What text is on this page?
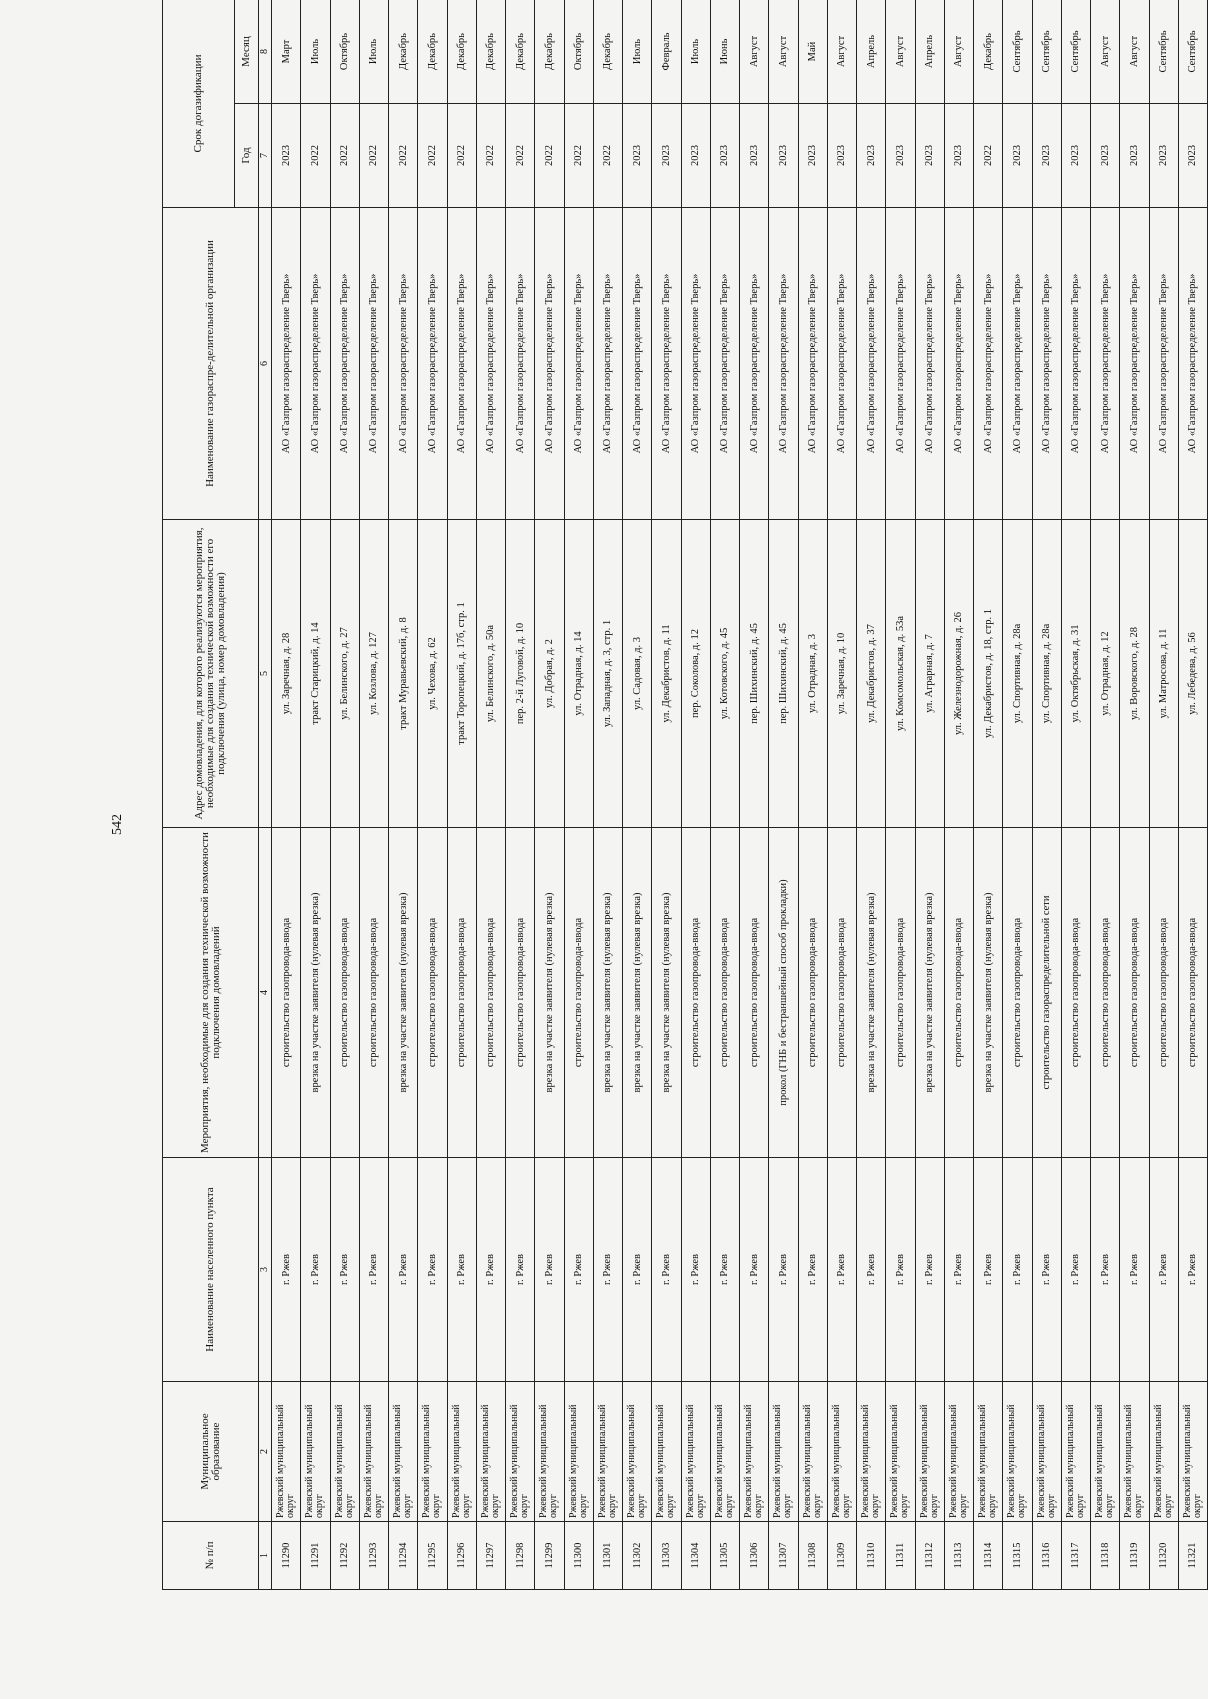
542
№ п/п	Муниципальное образование	Наименование населенного пункта	Мероприятия, необходимые для создания технической возможности подключения домовладений	Адрес домовладения, для которого реализуются мероприятия, необходимые для создания технической возможности его подключения (улица, номер домовладения)	Наименование газораспре-делительной организации	Срок догазификации	
						Год	Месяц
1	2	3	4	5	6	7	8
11290	Ржевский муниципальный округ	г. Ржев	строительство газопровода-ввода	ул. Заречная, д. 28	АО «Газпром газораспределение Тверь»	2023	Март
11291	Ржевский муниципальный округ	г. Ржев	врезка на участке заявителя (нулевая врезка)	тракт Старицкий, д. 14	АО «Газпром газораспределение Тверь»	2022	Июль
11292	Ржевский муниципальный округ	г. Ржев	строительство газопровода-ввода	ул. Белинского, д. 27	АО «Газпром газораспределение Тверь»	2022	Октябрь
11293	Ржевский муниципальный округ	г. Ржев	строительство газопровода-ввода	ул. Козлова, д. 127	АО «Газпром газораспределение Тверь»	2022	Июль
11294	Ржевский муниципальный округ	г. Ржев	врезка на участке заявителя (нулевая врезка)	тракт Муравьевский, д. 8	АО «Газпром газораспределение Тверь»	2022	Декабрь
11295	Ржевский муниципальный округ	г. Ржев	строительство газопровода-ввода	ул. Чехова, д. 62	АО «Газпром газораспределение Тверь»	2022	Декабрь
11296	Ржевский муниципальный округ	г. Ржев	строительство газопровода-ввода	тракт Торопецкий, д. 17б, стр. 1	АО «Газпром газораспределение Тверь»	2022	Декабрь
11297	Ржевский муниципальный округ	г. Ржев	строительство газопровода-ввода	ул. Белинского, д. 50а	АО «Газпром газораспределение Тверь»	2022	Декабрь
11298	Ржевский муниципальный округ	г. Ржев	строительство газопровода-ввода	пер. 2-й Луговой, д. 10	АО «Газпром газораспределение Тверь»	2022	Декабрь
11299	Ржевский муниципальный округ	г. Ржев	врезка на участке заявителя (нулевая врезка)	ул. Добрая, д. 2	АО «Газпром газораспределение Тверь»	2022	Декабрь
11300	Ржевский муниципальный округ	г. Ржев	строительство газопровода-ввода	ул. Отрадная, д. 14	АО «Газпром газораспределение Тверь»	2022	Октябрь
11301	Ржевский муниципальный округ	г. Ржев	врезка на участке заявителя (нулевая врезка)	ул. Западная, д. 3, стр. 1	АО «Газпром газораспределение Тверь»	2022	Декабрь
11302	Ржевский муниципальный округ	г. Ржев	врезка на участке заявителя (нулевая врезка)	ул. Садовая, д. 3	АО «Газпром газораспределение Тверь»	2023	Июль
11303	Ржевский муниципальный округ	г. Ржев	врезка на участке заявителя (нулевая врезка)	ул. Декабристов, д. 11	АО «Газпром газораспределение Тверь»	2023	Февраль
11304	Ржевский муниципальный округ	г. Ржев	строительство газопровода-ввода	пер. Соколова, д. 12	АО «Газпром газораспределение Тверь»	2023	Июль
11305	Ржевский муниципальный округ	г. Ржев	строительство газопровода-ввода	ул. Котовского, д. 45	АО «Газпром газораспределение Тверь»	2023	Июнь
11306	Ржевский муниципальный округ	г. Ржев	строительство газопровода-ввода	пер. Шихинский, д. 45	АО «Газпром газораспределение Тверь»	2023	Август
11307	Ржевский муниципальный округ	г. Ржев	прокол (ГНБ и бестраншейный способ прокладки)	пер. Шихинский, д. 45	АО «Газпром газораспределение Тверь»	2023	Август
11308	Ржевский муниципальный округ	г. Ржев	строительство газопровода-ввода	ул. Отрадная, д. 3	АО «Газпром газораспределение Тверь»	2023	Май
11309	Ржевский муниципальный округ	г. Ржев	строительство газопровода-ввода	ул. Заречная, д. 10	АО «Газпром газораспределение Тверь»	2023	Август
11310	Ржевский муниципальный округ	г. Ржев	врезка на участке заявителя (нулевая врезка)	ул. Декабристов, д. 37	АО «Газпром газораспределение Тверь»	2023	Апрель
11311	Ржевский муниципальный округ	г. Ржев	строительство газопровода-ввода	ул. Комсомольская, д. 53а	АО «Газпром газораспределение Тверь»	2023	Август
11312	Ржевский муниципальный округ	г. Ржев	врезка на участке заявителя (нулевая врезка)	ул. Аграрная, д. 7	АО «Газпром газораспределение Тверь»	2023	Апрель
11313	Ржевский муниципальный округ	г. Ржев	строительство газопровода-ввода	ул. Железнодорожная, д. 26	АО «Газпром газораспределение Тверь»	2023	Август
11314	Ржевский муниципальный округ	г. Ржев	врезка на участке заявителя (нулевая врезка)	ул. Декабристов, д. 18, стр. 1	АО «Газпром газораспределение Тверь»	2022	Декабрь
11315	Ржевский муниципальный округ	г. Ржев	строительство газопровода-ввода	ул. Спортивная, д. 28а	АО «Газпром газораспределение Тверь»	2023	Сентябрь
11316	Ржевский муниципальный округ	г. Ржев	строительство газораспределительной сети	ул. Спортивная, д. 28а	АО «Газпром газораспределение Тверь»	2023	Сентябрь
11317	Ржевский муниципальный округ	г. Ржев	строительство газопровода-ввода	ул. Октябрьская, д. 31	АО «Газпром газораспределение Тверь»	2023	Сентябрь
11318	Ржевский муниципальный округ	г. Ржев	строительство газопровода-ввода	ул. Отрадная, д. 12	АО «Газпром газораспределение Тверь»	2023	Август
11319	Ржевский муниципальный округ	г. Ржев	строительство газопровода-ввода	ул. Воровского, д. 28	АО «Газпром газораспределение Тверь»	2023	Август
11320	Ржевский муниципальный округ	г. Ржев	строительство газопровода-ввода	ул. Матросова, д. 11	АО «Газпром газораспределение Тверь»	2023	Сентябрь
11321	Ржевский муниципальный округ	г. Ржев	строительство газопровода-ввода	ул. Лебедева, д. 56	АО «Газпром газораспределение Тверь»	2023	Сентябрь
